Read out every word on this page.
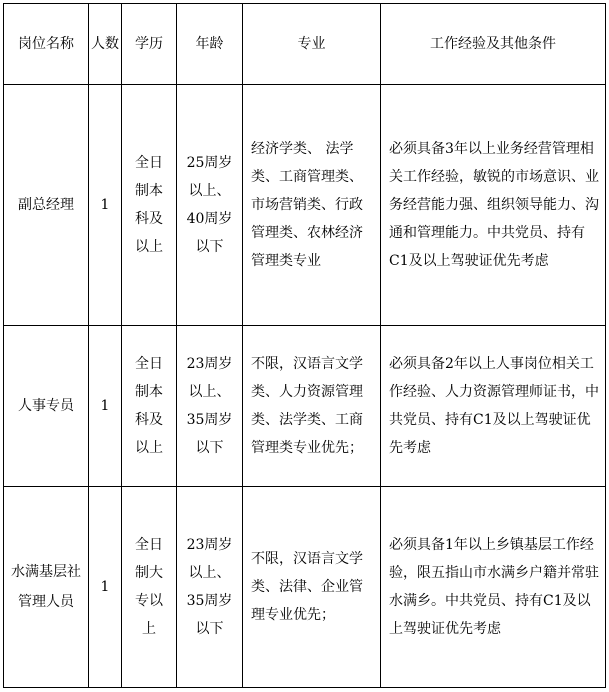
岗位名称	人数	学历	年龄	专业	工作经验及其他条件
副总经理	1	全日制本科及以上	25周岁以上、40周岁以下	经济学类、 法学类、工商管理类、市场营销类、行政管理类、农林经济管理类专业	必须具备3年以上业务经营管理相关工作经验，敏锐的市场意识、业务经营能力强、组织领导能力、沟通和管理能力。中共党员、持有C1及以上驾驶证优先考虑
人事专员	1	全日制本科及以上	23周岁以上、35周岁以下	不限，汉语言文学类、人力资源管理类、法学类、工商管理类专业优先；	必须具备2年以上人事岗位相关工作经验、人力资源管理师证书，中共党员、持有C1及以上驾驶证优先考虑
水满基层社管理人员	1	全日制大专以上	23周岁以上、35周岁以下	不限，汉语言文学类、法律、企业管理专业优先；	必须具备1年以上乡镇基层工作经验，限五指山市水满乡户籍并常驻水满乡。中共党员、持有C1及以上驾驶证优先考虑
